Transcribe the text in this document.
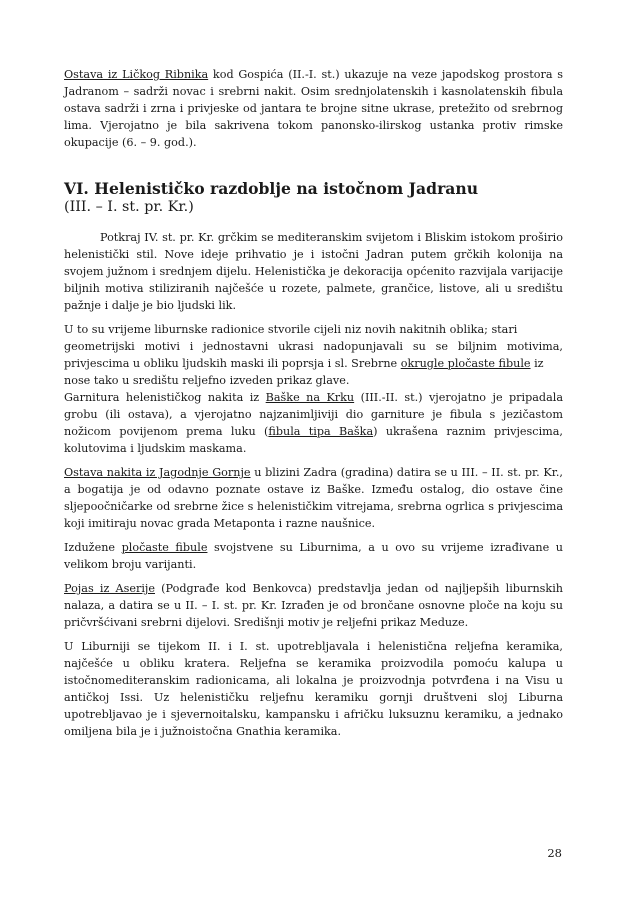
Ostava iz Ličkog Ribnika kod Gospića (II.-I. st.) ukazuje na veze japodskog prostora s Jadranom – sadrži novac i srebrni nakit. Osim srednjolatenskih i kasnolatenskih fibula ostava sadrži i zrna i privjeske od jantara te brojne sitne ukrase, pretežito od srebrnog lima. Vjerojatno je bila sakrivena tokom panonsko-ilirskog ustanka protiv rimske okupacije (6. – 9. god.).

VI. Helenističko razdoblje na istočnom Jadranu
(III. – I. st. pr. Kr.)

Potkraj IV. st. pr. Kr. grčkim se mediteranskim svijetom i Bliskim istokom proširio helenistički stil. Nove ideje prihvatio je i istočni Jadran putem grčkih kolonija na svojem južnom i srednjem dijelu. Helenistička je dekoracija općenito razvijala varijacije biljnih motiva stiliziranih najčešće u rozete, palmete, grančice, listove, ali u središtu pažnje i dalje je bio ljudski lik.

U to su vrijeme liburnske radionice stvorile cijeli niz novih nakitnih oblika; stari

geometrijski motivi i jednostavni ukrasi nadopunjavali su se biljnim motivima, privjescima u obliku ljudskih maski ili poprsja i sl. Srebrne okrugle pločaste fibule iz

nose tako u središtu reljefno izveden prikaz glave.

Garnitura helenističkog nakita iz Baške na Krku (III.-II. st.) vjerojatno je pripadala grobu (ili ostava), a vjerojatno najzanimljiviji dio garniture je fibula s jezičastom nožicom povijenom prema luku (fibula tipa Baška) ukrašena raznim privjescima, kolutovima i ljudskim maskama.

Ostava nakita iz Jagodnje Gornje u blizini Zadra (gradina) datira se u III. – II. st. pr. Kr., a bogatija je od odavno poznate ostave iz Baške. Između ostalog, dio ostave čine sljepoočničarke od srebrne žice s helenističkim vitrejama, srebrna ogrlica s privjescima koji imitiraju novac grada Metaponta i razne naušnice.

Izdužene pločaste fibule svojstvene su Liburnima, a u ovo su vrijeme izrađivane u velikom broju varijanti.

Pojas iz Aserije (Podgrađe kod Benkovca) predstavlja jedan od najljepših liburnskih nalaza, a datira se u II. – I. st. pr. Kr. Izrađen je od brončane osnovne ploče na koju su pričvršćivani srebrni dijelovi. Središnji motiv je reljefni prikaz Meduze.

U Liburniji se tijekom II. i I. st. upotrebljavala i helenistična reljefna keramika, najčešće u obliku kratera. Reljefna se keramika proizvodila pomoću kalupa u istočnomediteranskim radionicama, ali lokalna je proizvodnja potvrđena i na Visu u antičkoj Issi. Uz helenističku reljefnu keramiku gornji društveni sloj Liburna upotrebljavao je i sjevernoitalsku, kampansku i afričku luksuznu keramiku, a jednako omiljena bila je i južnoistočna Gnathia keramika.

28
